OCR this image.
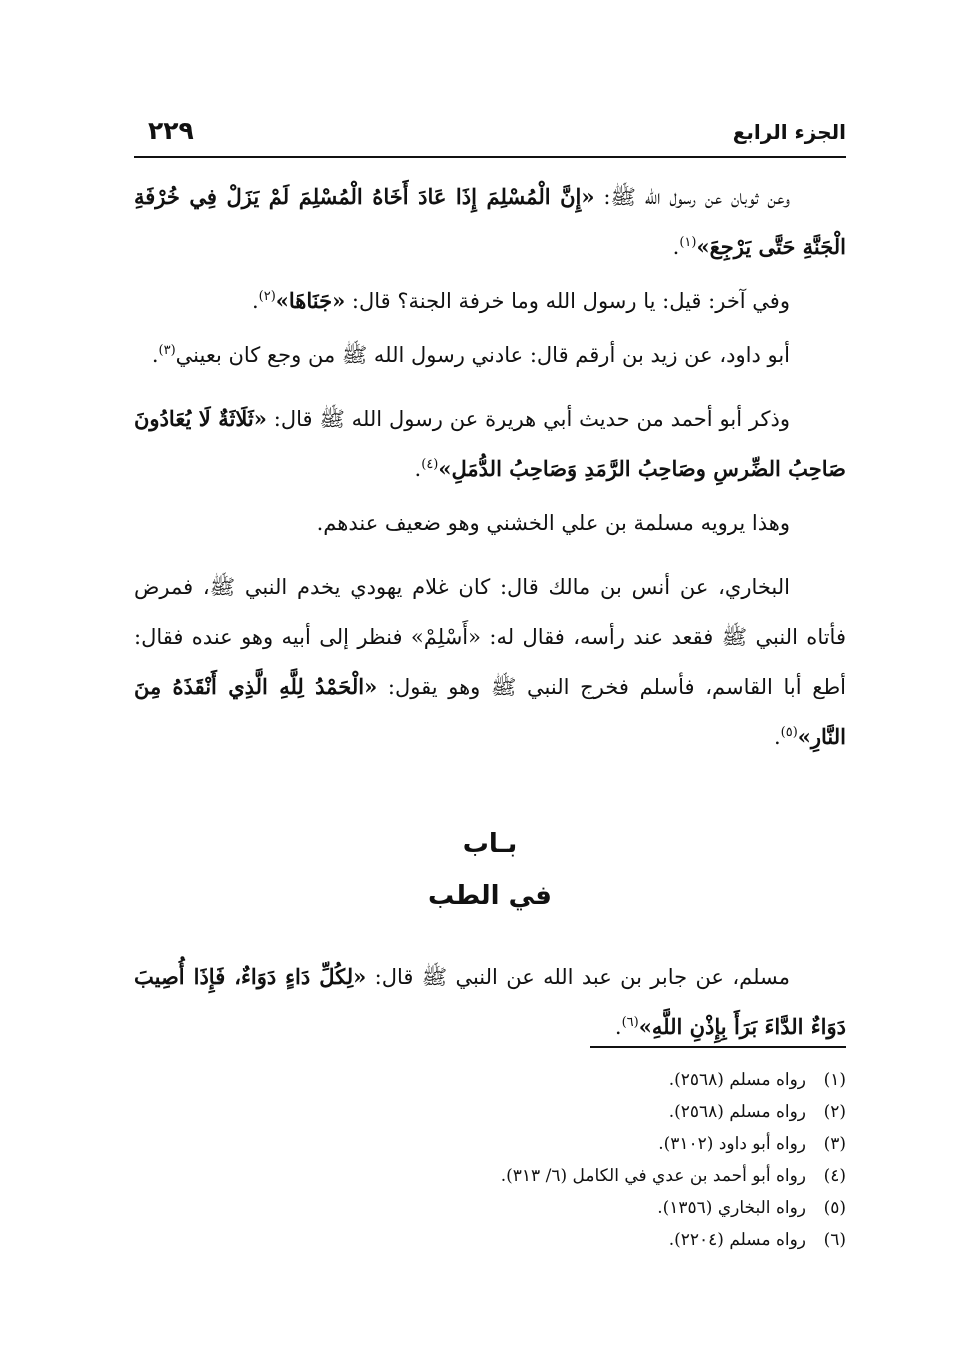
الجزء الرابع
٢٢٩

وعن ثوبان عن رسول الله ﷺ: «إِنَّ الْمُسْلِمَ إِذَا عَادَ أَخَاهُ الْمُسْلِمَ لَمْ يَزَلْ فِي خُرْفَةِ الْجَنَّةِ حَتَّى يَرْجِعَ»$^{(١)}$.

وفي آخر: قيل: يا رسول الله وما خرفة الجنة؟ قال: «جَنَاهَا»$^{(٢)}$.

أبو داود، عن زيد بن أرقم قال: عادني رسول الله ﷺ من وجع كان بعيني$^{(٣)}$.

وذكر أبو أحمد من حديث أبي هريرة عن رسول الله ﷺ قال: «ثَلَاثَةٌ لَا يُعَادُونَ صَاحِبُ الضِّرسِ وصَاحِبُ الرَّمَدِ وَصَاحِبُ الدُّمَلِ»$^{(٤)}$.

وهذا يرويه مسلمة بن علي الخشني وهو ضعيف عندهم.

البخاري، عن أنس بن مالك قال: كان غلام يهودي يخدم النبي ﷺ، فمرض فأتاه النبي ﷺ فقعد عند رأسه، فقال له: «أَسْلِمْ» فنظر إلى أبيه وهو عنده فقال: أطع أبا القاسم، فأسلم فخرج النبي ﷺ وهو يقول: «الْحَمْدُ لِلَّهِ الَّذِي أَنْقَذَهُ مِنَ النَّارِ»$^{(٥)}$.

بـاب

في الطب

مسلم، عن جابر بن عبد الله عن النبي ﷺ قال: «لِكُلِّ دَاءٍ دَوَاءٌ، فَإِذَا أُصِيبَ دَوَاءٌ الدَّاءَ بَرَأَ بِإِذْنِ اللَّهِ»$^{(٦)}$.

(١)رواه مسلم (٢٥٦٨).
(٢)رواه مسلم (٢٥٦٨).
(٣)رواه أبو داود (٣١٠٢).
(٤)رواه أبو أحمد بن عدي في الكامل (٦/ ٣١٣).
(٥)رواه البخاري (١٣٥٦).
(٦)رواه مسلم (٢٢٠٤).
